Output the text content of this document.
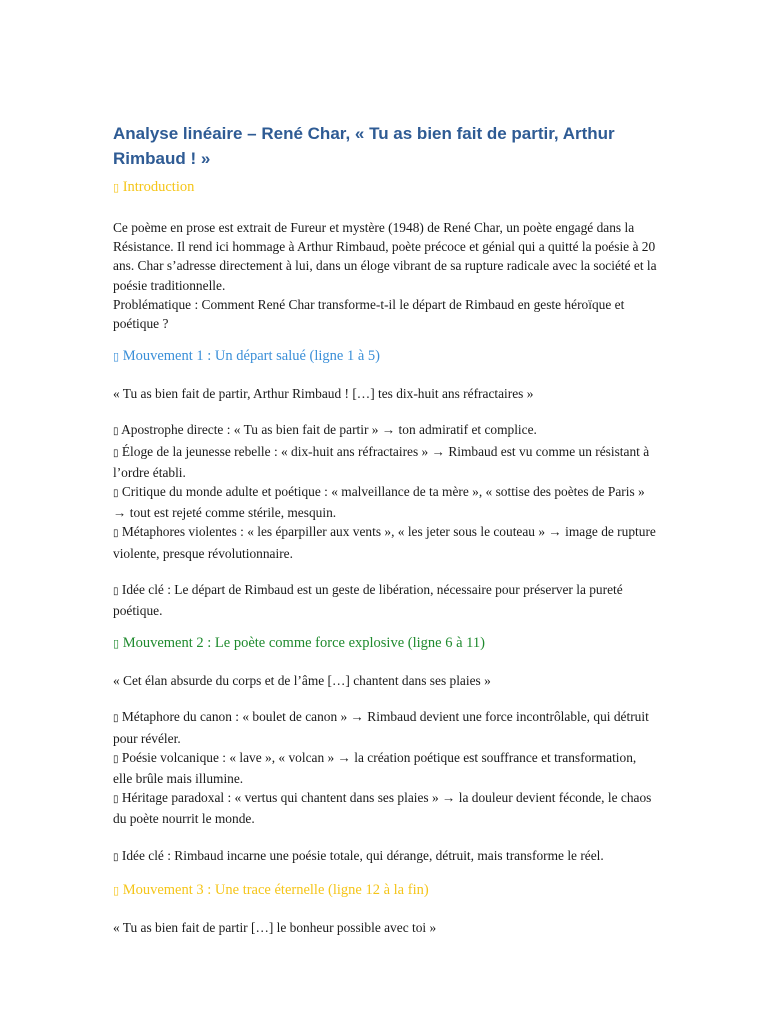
Analyse linéaire – René Char, « Tu as bien fait de partir, Arthur Rimbaud ! »
▯ Introduction

Ce poème en prose est extrait de Fureur et mystère (1948) de René Char, un poète engagé dans la Résistance. Il rend ici hommage à Arthur Rimbaud, poète précoce et génial qui a quitté la poésie à 20 ans. Char s’adresse directement à lui, dans un éloge vibrant de sa rupture radicale avec la société et la poésie traditionnelle.

Problématique : Comment René Char transforme-t-il le départ de Rimbaud en geste héroïque et poétique ?

▯ Mouvement 1 : Un départ salué (ligne 1 à 5)

« Tu as bien fait de partir, Arthur Rimbaud ! […] tes dix-huit ans réfractaires »

▯ Apostrophe directe : « Tu as bien fait de partir » → ton admiratif et complice.

▯ Éloge de la jeunesse rebelle : « dix-huit ans réfractaires » → Rimbaud est vu comme un résistant à l’ordre établi.

▯ Critique du monde adulte et poétique : « malveillance de ta mère », « sottise des poètes de Paris » → tout est rejeté comme stérile, mesquin.

▯ Métaphores violentes : « les éparpiller aux vents », « les jeter sous le couteau » → image de rupture violente, presque révolutionnaire.

▯ Idée clé : Le départ de Rimbaud est un geste de libération, nécessaire pour préserver la pureté poétique.

▯ Mouvement 2 : Le poète comme force explosive (ligne 6 à 11)

« Cet élan absurde du corps et de l’âme […] chantent dans ses plaies »

▯ Métaphore du canon : « boulet de canon » → Rimbaud devient une force incontrôlable, qui détruit pour révéler.

▯ Poésie volcanique : « lave », « volcan » → la création poétique est souffrance et transformation, elle brûle mais illumine.

▯ Héritage paradoxal : « vertus qui chantent dans ses plaies » → la douleur devient féconde, le chaos du poète nourrit le monde.

▯ Idée clé : Rimbaud incarne une poésie totale, qui dérange, détruit, mais transforme le réel.

▯ Mouvement 3 : Une trace éternelle (ligne 12 à la fin)

« Tu as bien fait de partir […] le bonheur possible avec toi »
